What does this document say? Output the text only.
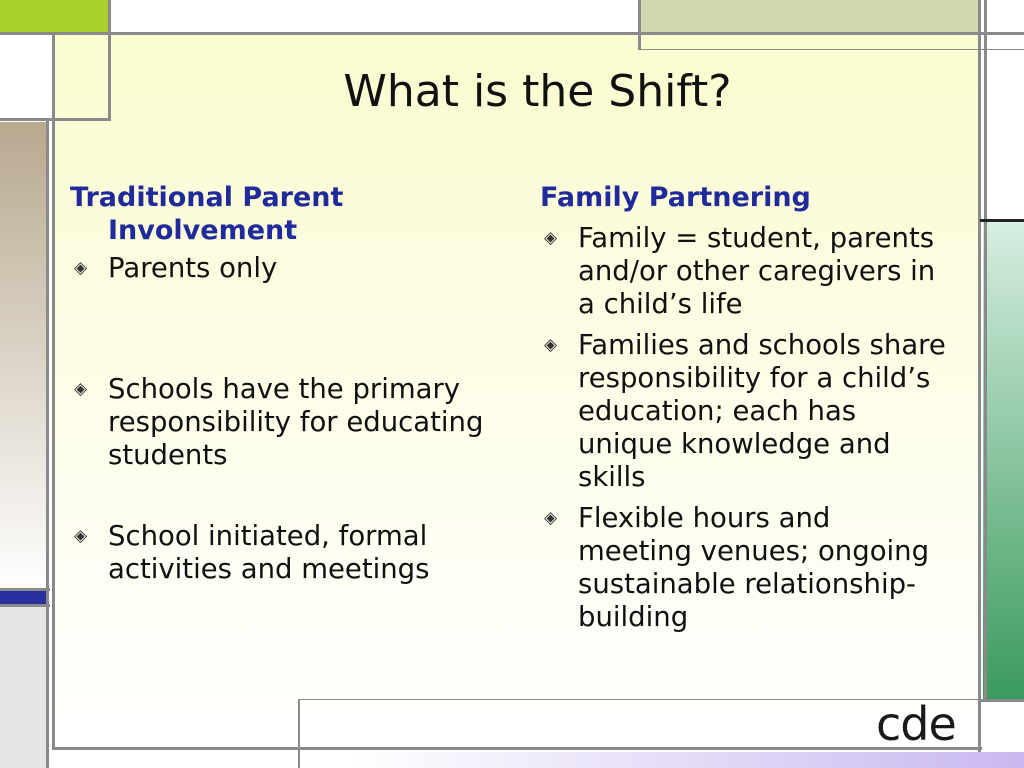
What is the Shift?
Traditional Parent
Involvement
◈ Parents only
◈ Schools have the primary responsibility for educating students
◈ School initiated, formal activities and meetings
Family Partnering
◈ Family = student, parents and/or other caregivers in a child’s life
◈ Families and schools share responsibility for a child’s education; each has unique knowledge and skills
◈ Flexible hours and meeting venues; ongoing sustainable relationship-building
cde
